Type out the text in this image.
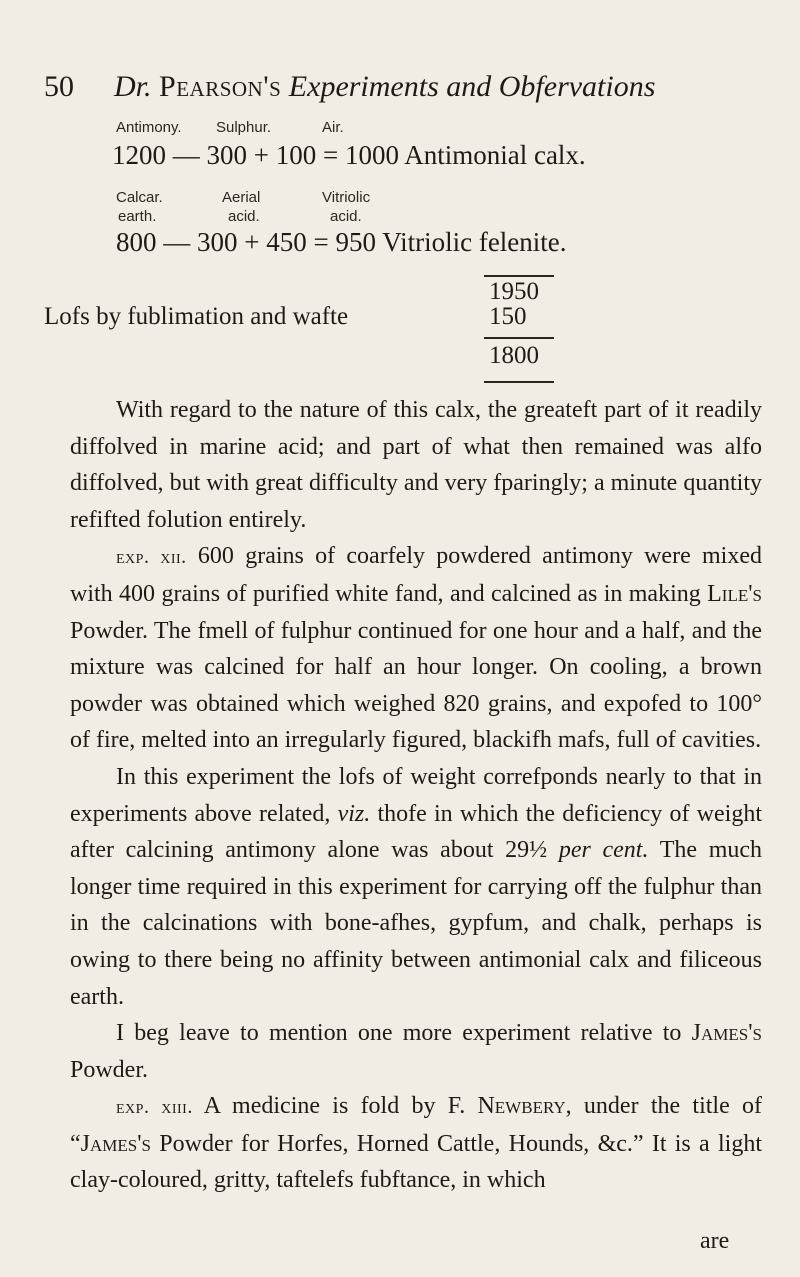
50 Dr. Pearson's Experiments and Obfervations
Antimony. Sulphur.	Air.
1200 — 300 + 100 = 1000 Antimonial calx.
Calcar.	Aerial	Vitriolic
earth.	acid.	acid.
800 — 300 + 450 = 950 Vitriolic felenite.
1950
Lofs by fublimation and wafte	150
1800

With regard to the nature of this calx, the greateft part of it readily diffolved in marine acid; and part of what then remained was alfo diffolved, but with great difficulty and very fparingly; a minute quantity refifted folution entirely.

exp. xii. 600 grains of coarfely powdered antimony were mixed with 400 grains of purified white fand, and calcined as in making Lile's Powder. The fmell of fulphur continued for one hour and a half, and the mixture was calcined for half an hour longer. On cooling, a brown powder was obtained which weighed 820 grains, and expofed to 100° of fire, melted into an irregularly figured, blackifh mafs, full of cavities.

In this experiment the lofs of weight correfponds nearly to that in experiments above related, viz. thofe in which the deficiency of weight after calcining antimony alone was about 29½ per cent. The much longer time required in this experiment for carrying off the fulphur than in the calcinations with bone-afhes, gypfum, and chalk, perhaps is owing to there being no affinity between antimonial calx and filiceous earth.

I beg leave to mention one more experiment relative to James's Powder.

exp. xiii. A medicine is fold by F. Newbery, under the title of “James's Powder for Horfes, Horned Cattle, Hounds, &c.” It is a light clay-coloured, gritty, taftelefs fubftance, in which

are
